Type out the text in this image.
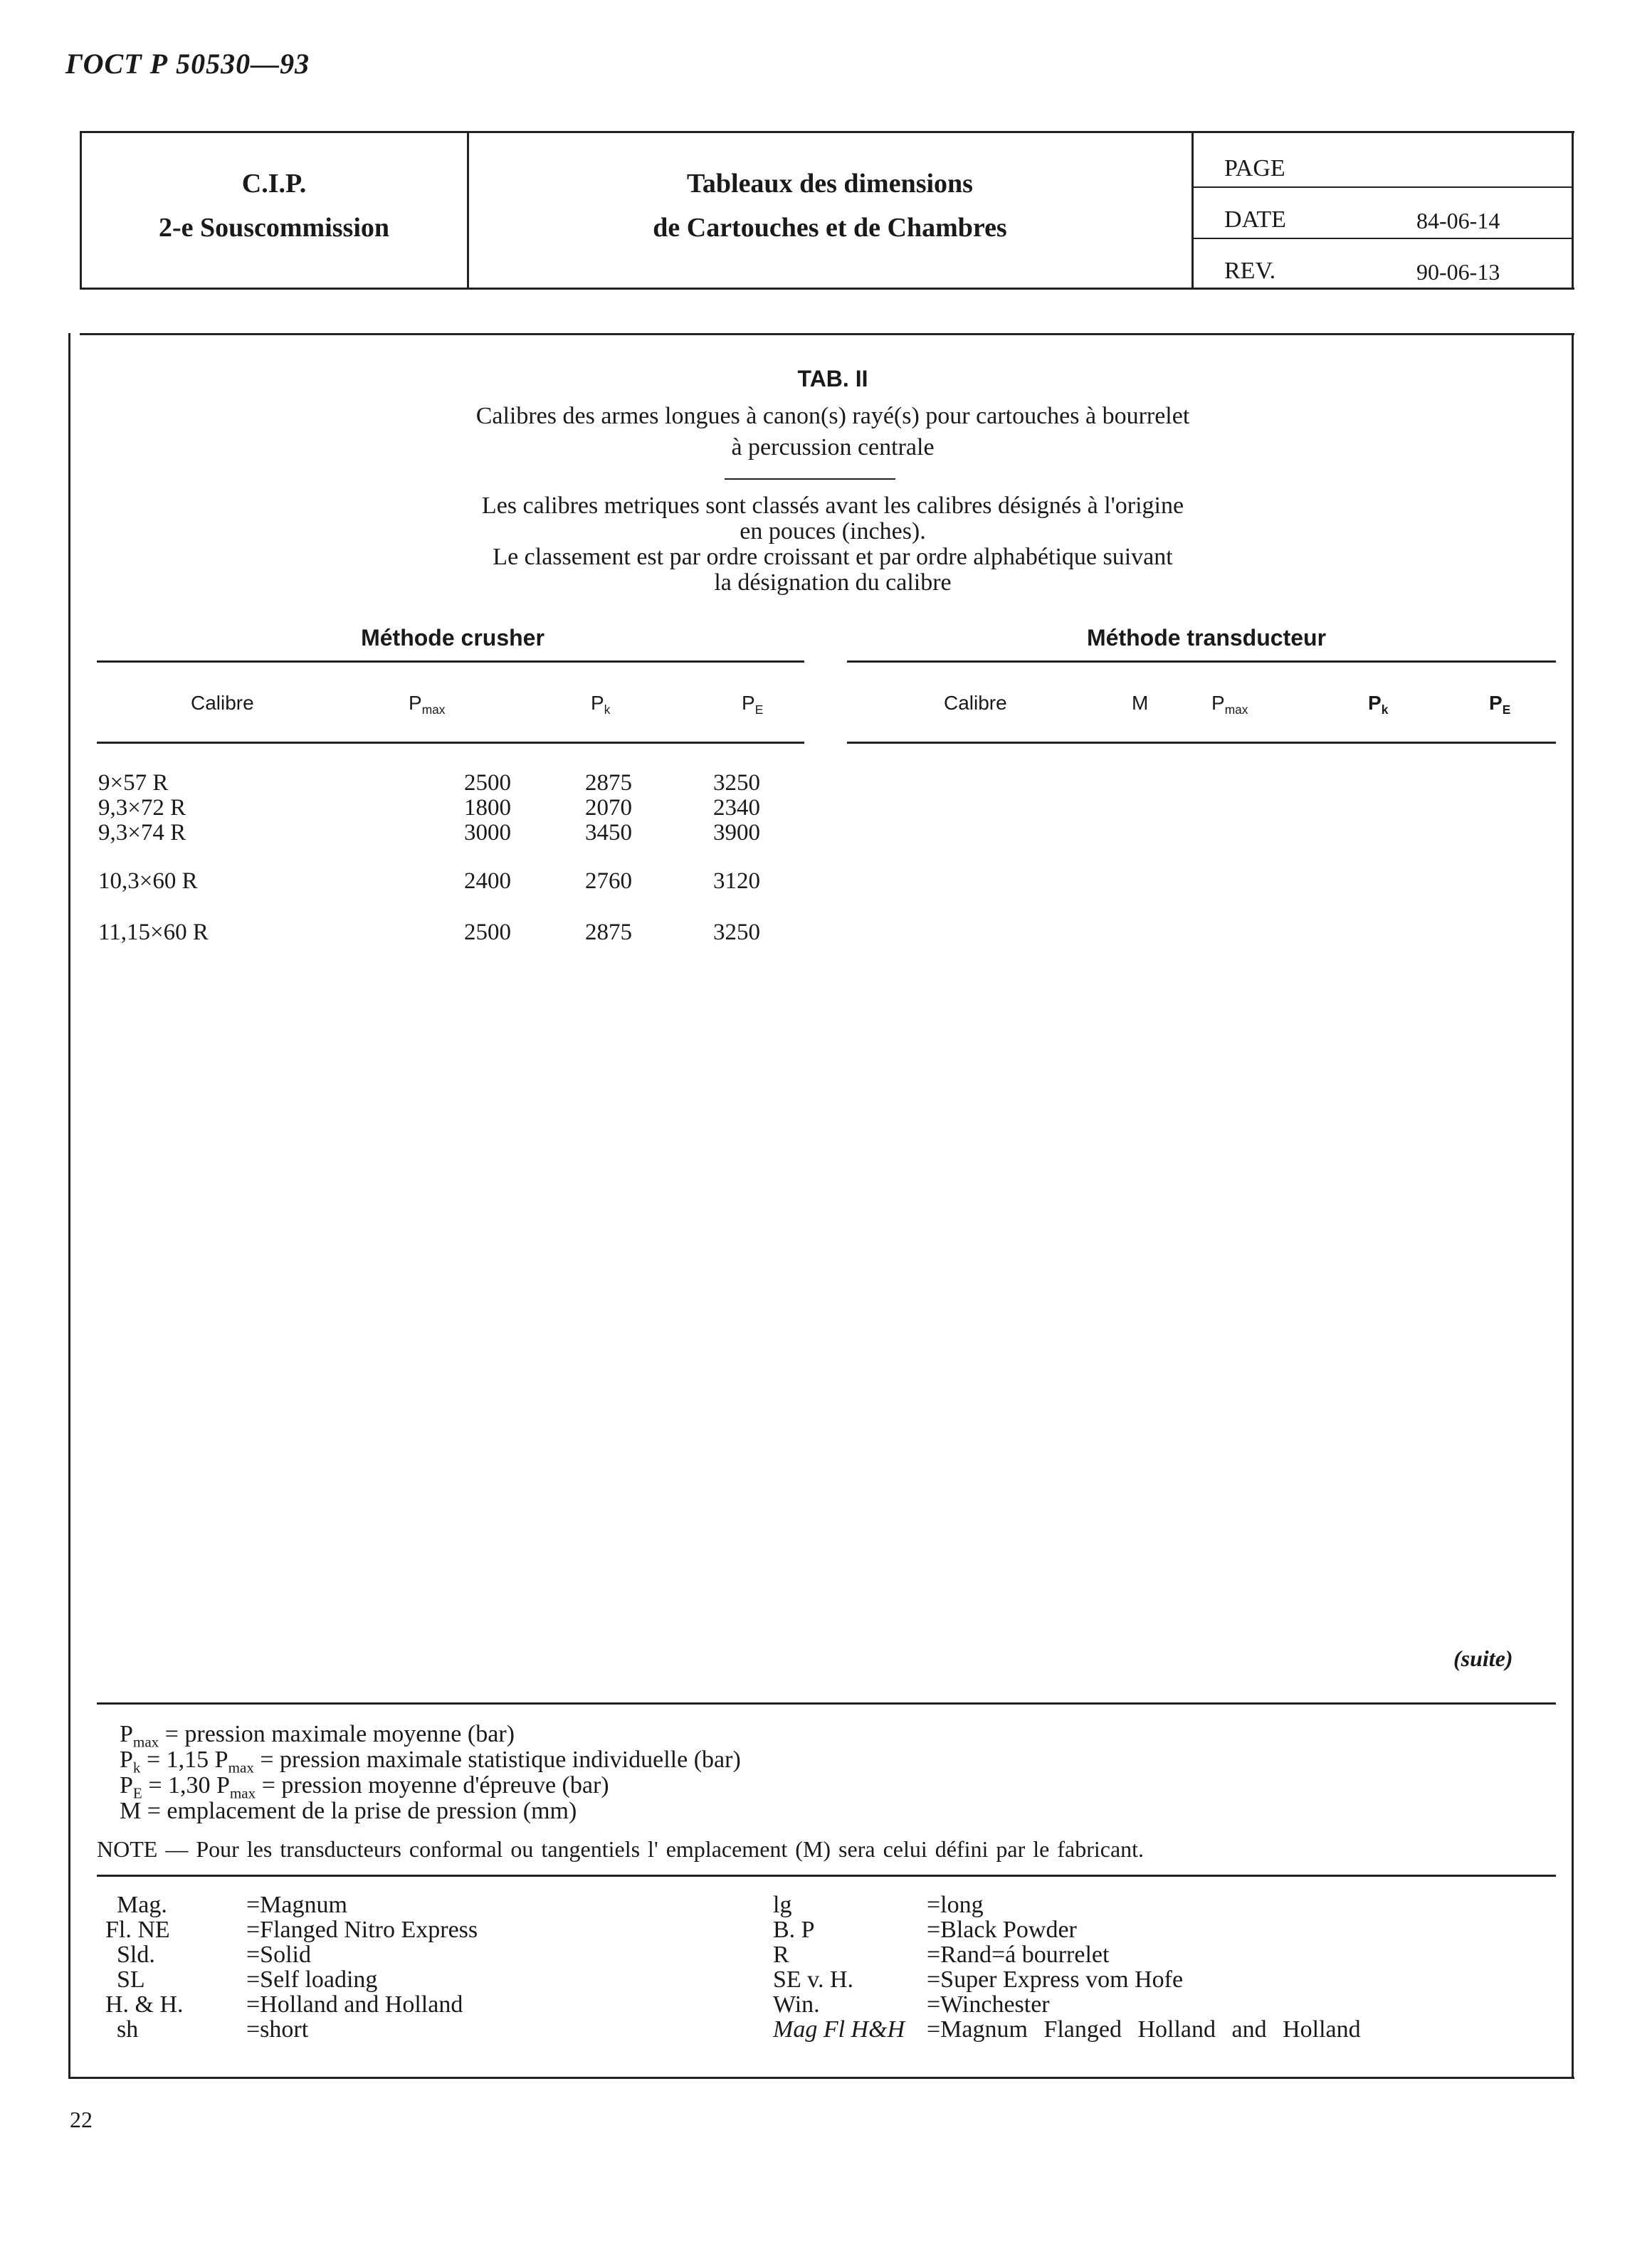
ГОСТ Р 50530—93
C.I.P.
2-e Souscommission
Tableaux des dimensions
de Cartouches et de Chambres
PAGE
DATE	84-06-14
REV.	90-06-13
TAB. II
Calibres des armes longues à canon(s) rayé(s) pour cartouches à bourrelet
à percussion centrale
Les calibres metriques sont classés avant les calibres désignés à l'origine
en pouces (inches).
Le classement est par ordre croissant et par ordre alphabétique suivant
la désignation du calibre
Méthode crusher	Méthode transducteur
Calibre	$P_{max}$	$P_k$	$P_E$	Calibre	M	$P_{max}$	$P_k$	$P_E$
9×57 R	2500	2875	3250
9,3×72 R	1800	2070	2340
9,3×74 R	3000	3450	3900
10,3×60 R	2400	2760	3120
11,15×60 R	2500	2875	3250
(suite)
$P_{max}$ = pression maximale moyenne (bar)
$P_k = 1,15$ $P_{max}$ = pression maximale statistique individuelle (bar)
$P_E = 1,30$ $P_{max}$ = pression moyenne d'épreuve (bar)
M = emplacement de la prise de pression (mm)
NOTE — Pour les transducteurs conformal ou tangentiels l' emplacement (M) sera celui défini par le fabricant.
Mag.	=Magnum
Fl. NE	=Flanged Nitro Express
Sld.	=Solid
SL	=Self loading
H. & H.	=Holland and Holland
sh	=short
lg	=long
B. P	=Black Powder
R	=Rand=á bourrelet
SE v. H.	=Super Express vom Hofe
Win.	=Winchester
Mag Fl H&H =Magnum Flanged Holland and Holland
22
